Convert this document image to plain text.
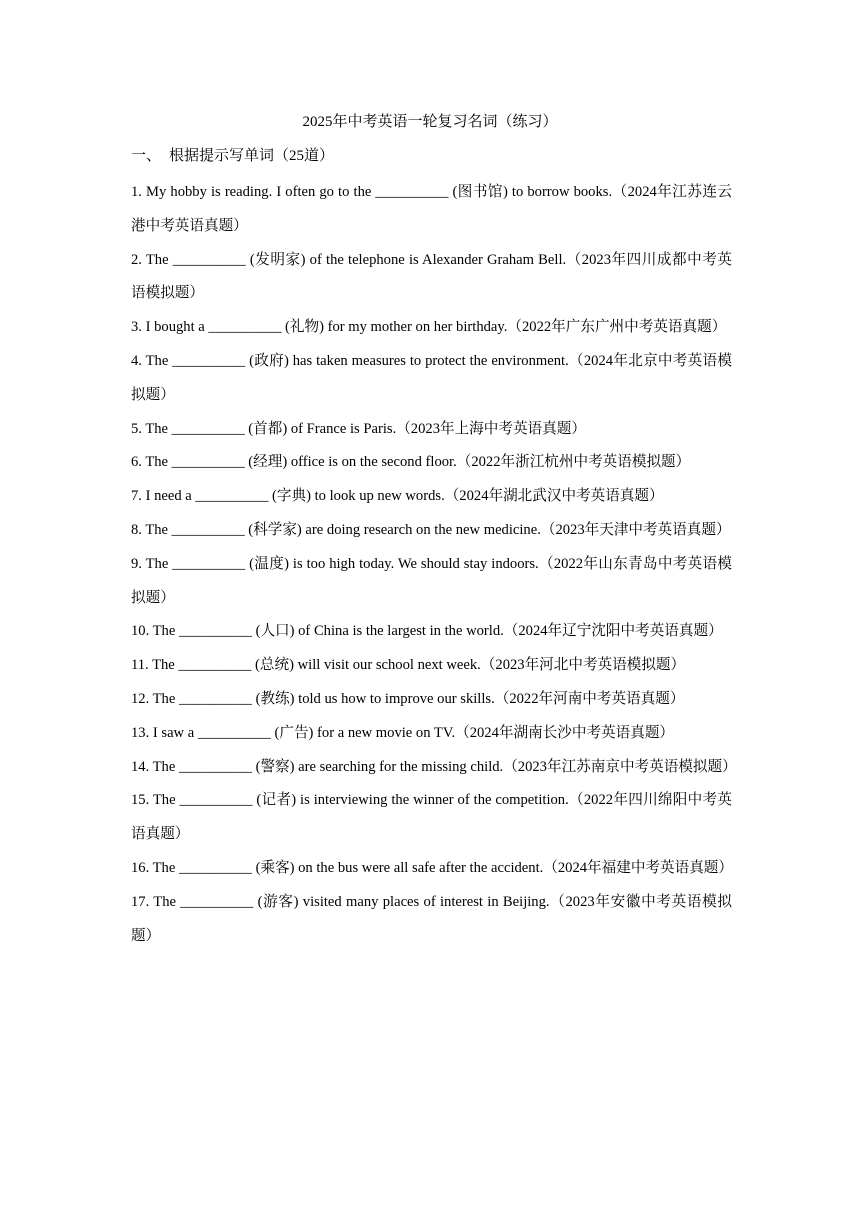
2025年中考英语一轮复习名词（练习）
一、 根据提示写单词（25道）
1. My hobby is reading. I often go to the __________ (图书馆) to borrow books.（2024年江苏连云港中考英语真题）
2. The __________ (发明家) of the telephone is Alexander Graham Bell.（2023年四川成都中考英语模拟题）
3. I bought a __________ (礼物) for my mother on her birthday.（2022年广东广州中考英语真题）
4. The __________ (政府) has taken measures to protect the environment.（2024年北京中考英语模拟题）
5. The __________ (首都) of France is Paris.（2023年上海中考英语真题）
6. The __________ (经理) office is on the second floor.（2022年浙江杭州中考英语模拟题）
7. I need a __________ (字典) to look up new words.（2024年湖北武汉中考英语真题）
8. The __________ (科学家) are doing research on the new medicine.（2023年天津中考英语真题）
9. The __________ (温度) is too high today. We should stay indoors.（2022年山东青岛中考英语模拟题）
10. The __________ (人口) of China is the largest in the world.（2024年辽宁沈阳中考英语真题）
11. The __________ (总统) will visit our school next week.（2023年河北中考英语模拟题）
12. The __________ (教练) told us how to improve our skills.（2022年河南中考英语真题）
13. I saw a __________ (广告) for a new movie on TV.（2024年湖南长沙中考英语真题）
14. The __________ (警察) are searching for the missing child.（2023年江苏南京中考英语模拟题）
15. The __________ (记者) is interviewing the winner of the competition.（2022年四川绵阳中考英语真题）
16. The __________ (乘客) on the bus were all safe after the accident.（2024年福建中考英语真题）
17. The __________ (游客) visited many places of interest in Beijing.（2023年安徽中考英语模拟题）
